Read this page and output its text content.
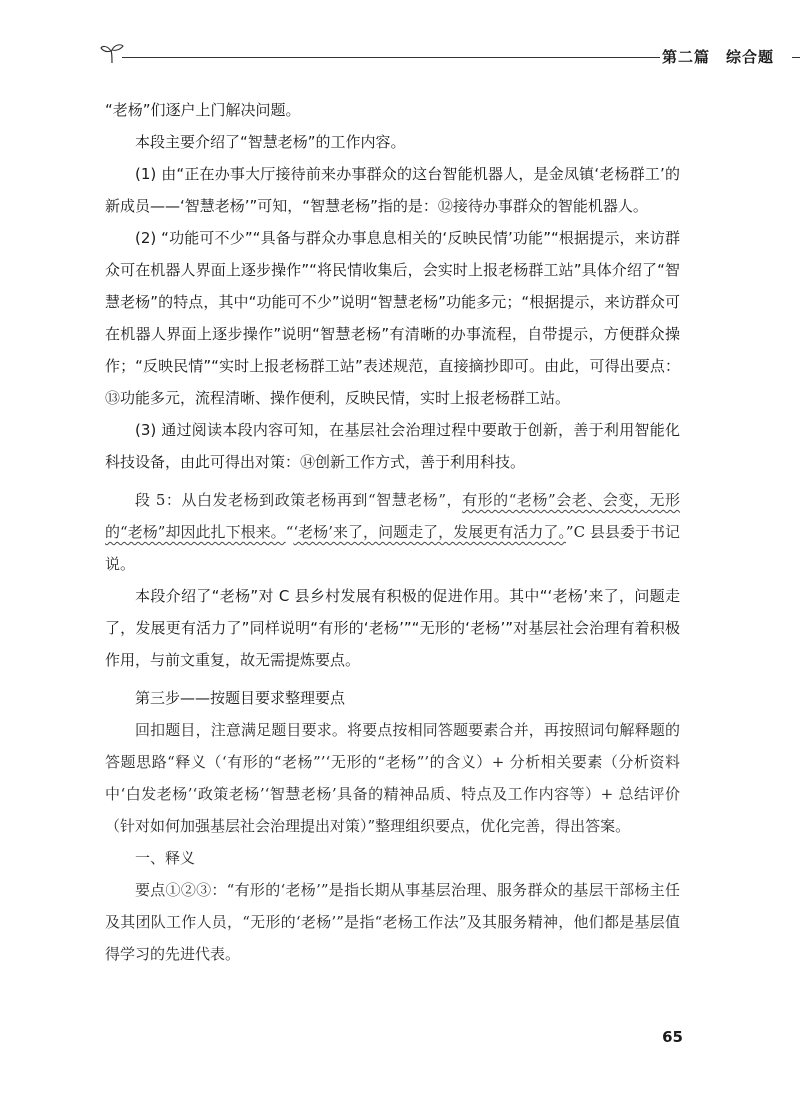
第二篇　综合题

“老杨”们逐户上门解决问题。

本段主要介绍了“智慧老杨”的工作内容。

(1) 由“正在办事大厅接待前来办事群众的这台智能机器人，是金凤镇‘老杨群工’的新成员——‘智慧老杨’”可知，“智慧老杨”指的是：⑫接待办事群众的智能机器人。

(2) “功能可不少”“具备与群众办事息息相关的‘反映民情’功能”“根据提示，来访群众可在机器人界面上逐步操作”“将民情收集后，会实时上报老杨群工站”具体介绍了“智慧老杨”的特点，其中“功能可不少”说明“智慧老杨”功能多元；“根据提示，来访群众可在机器人界面上逐步操作”说明“智慧老杨”有清晰的办事流程，自带提示，方便群众操作；“反映民情”“实时上报老杨群工站”表述规范，直接摘抄即可。由此，可得出要点：⑬功能多元，流程清晰、操作便利，反映民情，实时上报老杨群工站。

(3) 通过阅读本段内容可知，在基层社会治理过程中要敢于创新，善于利用智能化科技设备，由此可得出对策：⑭创新工作方式，善于利用科技。

段 5：从白发老杨到政策老杨再到“智慧老杨”，有形的“老杨”会老、会变，无形的“老杨”却因此扎下根来。“‘老杨’来了，问题走了，发展更有活力了。”C 县县委于书记说。

本段介绍了“老杨”对 C 县乡村发展有积极的促进作用。其中“‘老杨’来了，问题走了，发展更有活力了”同样说明“有形的‘老杨’”“无形的‘老杨’”对基层社会治理有着积极作用，与前文重复，故无需提炼要点。

第三步——按题目要求整理要点

回扣题目，注意满足题目要求。将要点按相同答题要素合并，再按照词句解释题的答题思路“释义（‘有形的“老杨”’‘无形的“老杨”’的含义）+ 分析相关要素（分析资料中‘白发老杨’‘政策老杨’‘智慧老杨’具备的精神品质、特点及工作内容等）+ 总结评价（针对如何加强基层社会治理提出对策）”整理组织要点，优化完善，得出答案。

一、释义

要点①②③：“有形的‘老杨’”是指长期从事基层治理、服务群众的基层干部杨主任及其团队工作人员，“无形的‘老杨’”是指“老杨工作法”及其服务精神，他们都是基层值得学习的先进代表。

65
